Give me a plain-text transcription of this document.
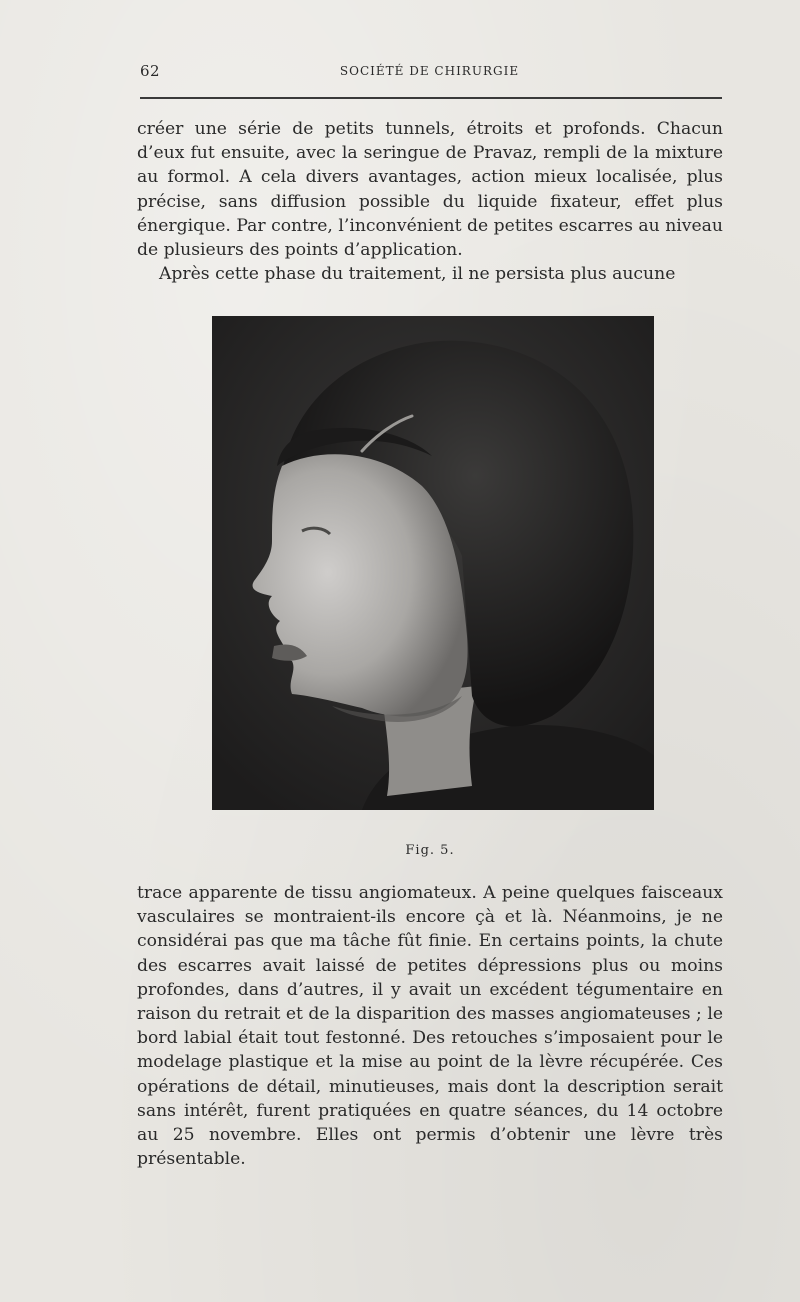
62	SOCIÉTÉ DE CHIRURGIE

créer une série de petits tunnels, étroits et profonds. Chacun d’eux fut ensuite, avec la seringue de Pravaz, rempli de la mixture au formol. A cela divers avantages, action mieux localisée, plus précise, sans diffusion possible du liquide fixateur, effet plus énergique. Par contre, l’inconvénient de petites escarres au niveau de plusieurs des points d’application.

Après cette phase du traitement, il ne persista plus aucune

Fig. 5.

trace apparente de tissu angiomateux. A peine quelques faisceaux vasculaires se montraient-ils encore çà et là. Néanmoins, je ne considérai pas que ma tâche fût finie. En certains points, la chute des escarres avait laissé de petites dépressions plus ou moins profondes, dans d’autres, il y avait un excédent tégumentaire en raison du retrait et de la disparition des masses angiomateuses ; le bord labial était tout festonné. Des retouches s’imposaient pour le modelage plastique et la mise au point de la lèvre récupérée. Ces opérations de détail, minutieuses, mais dont la description serait sans intérêt, furent pratiquées en quatre séances, du 14 octobre au 25 novembre. Elles ont permis d’obtenir une lèvre très présentable.
